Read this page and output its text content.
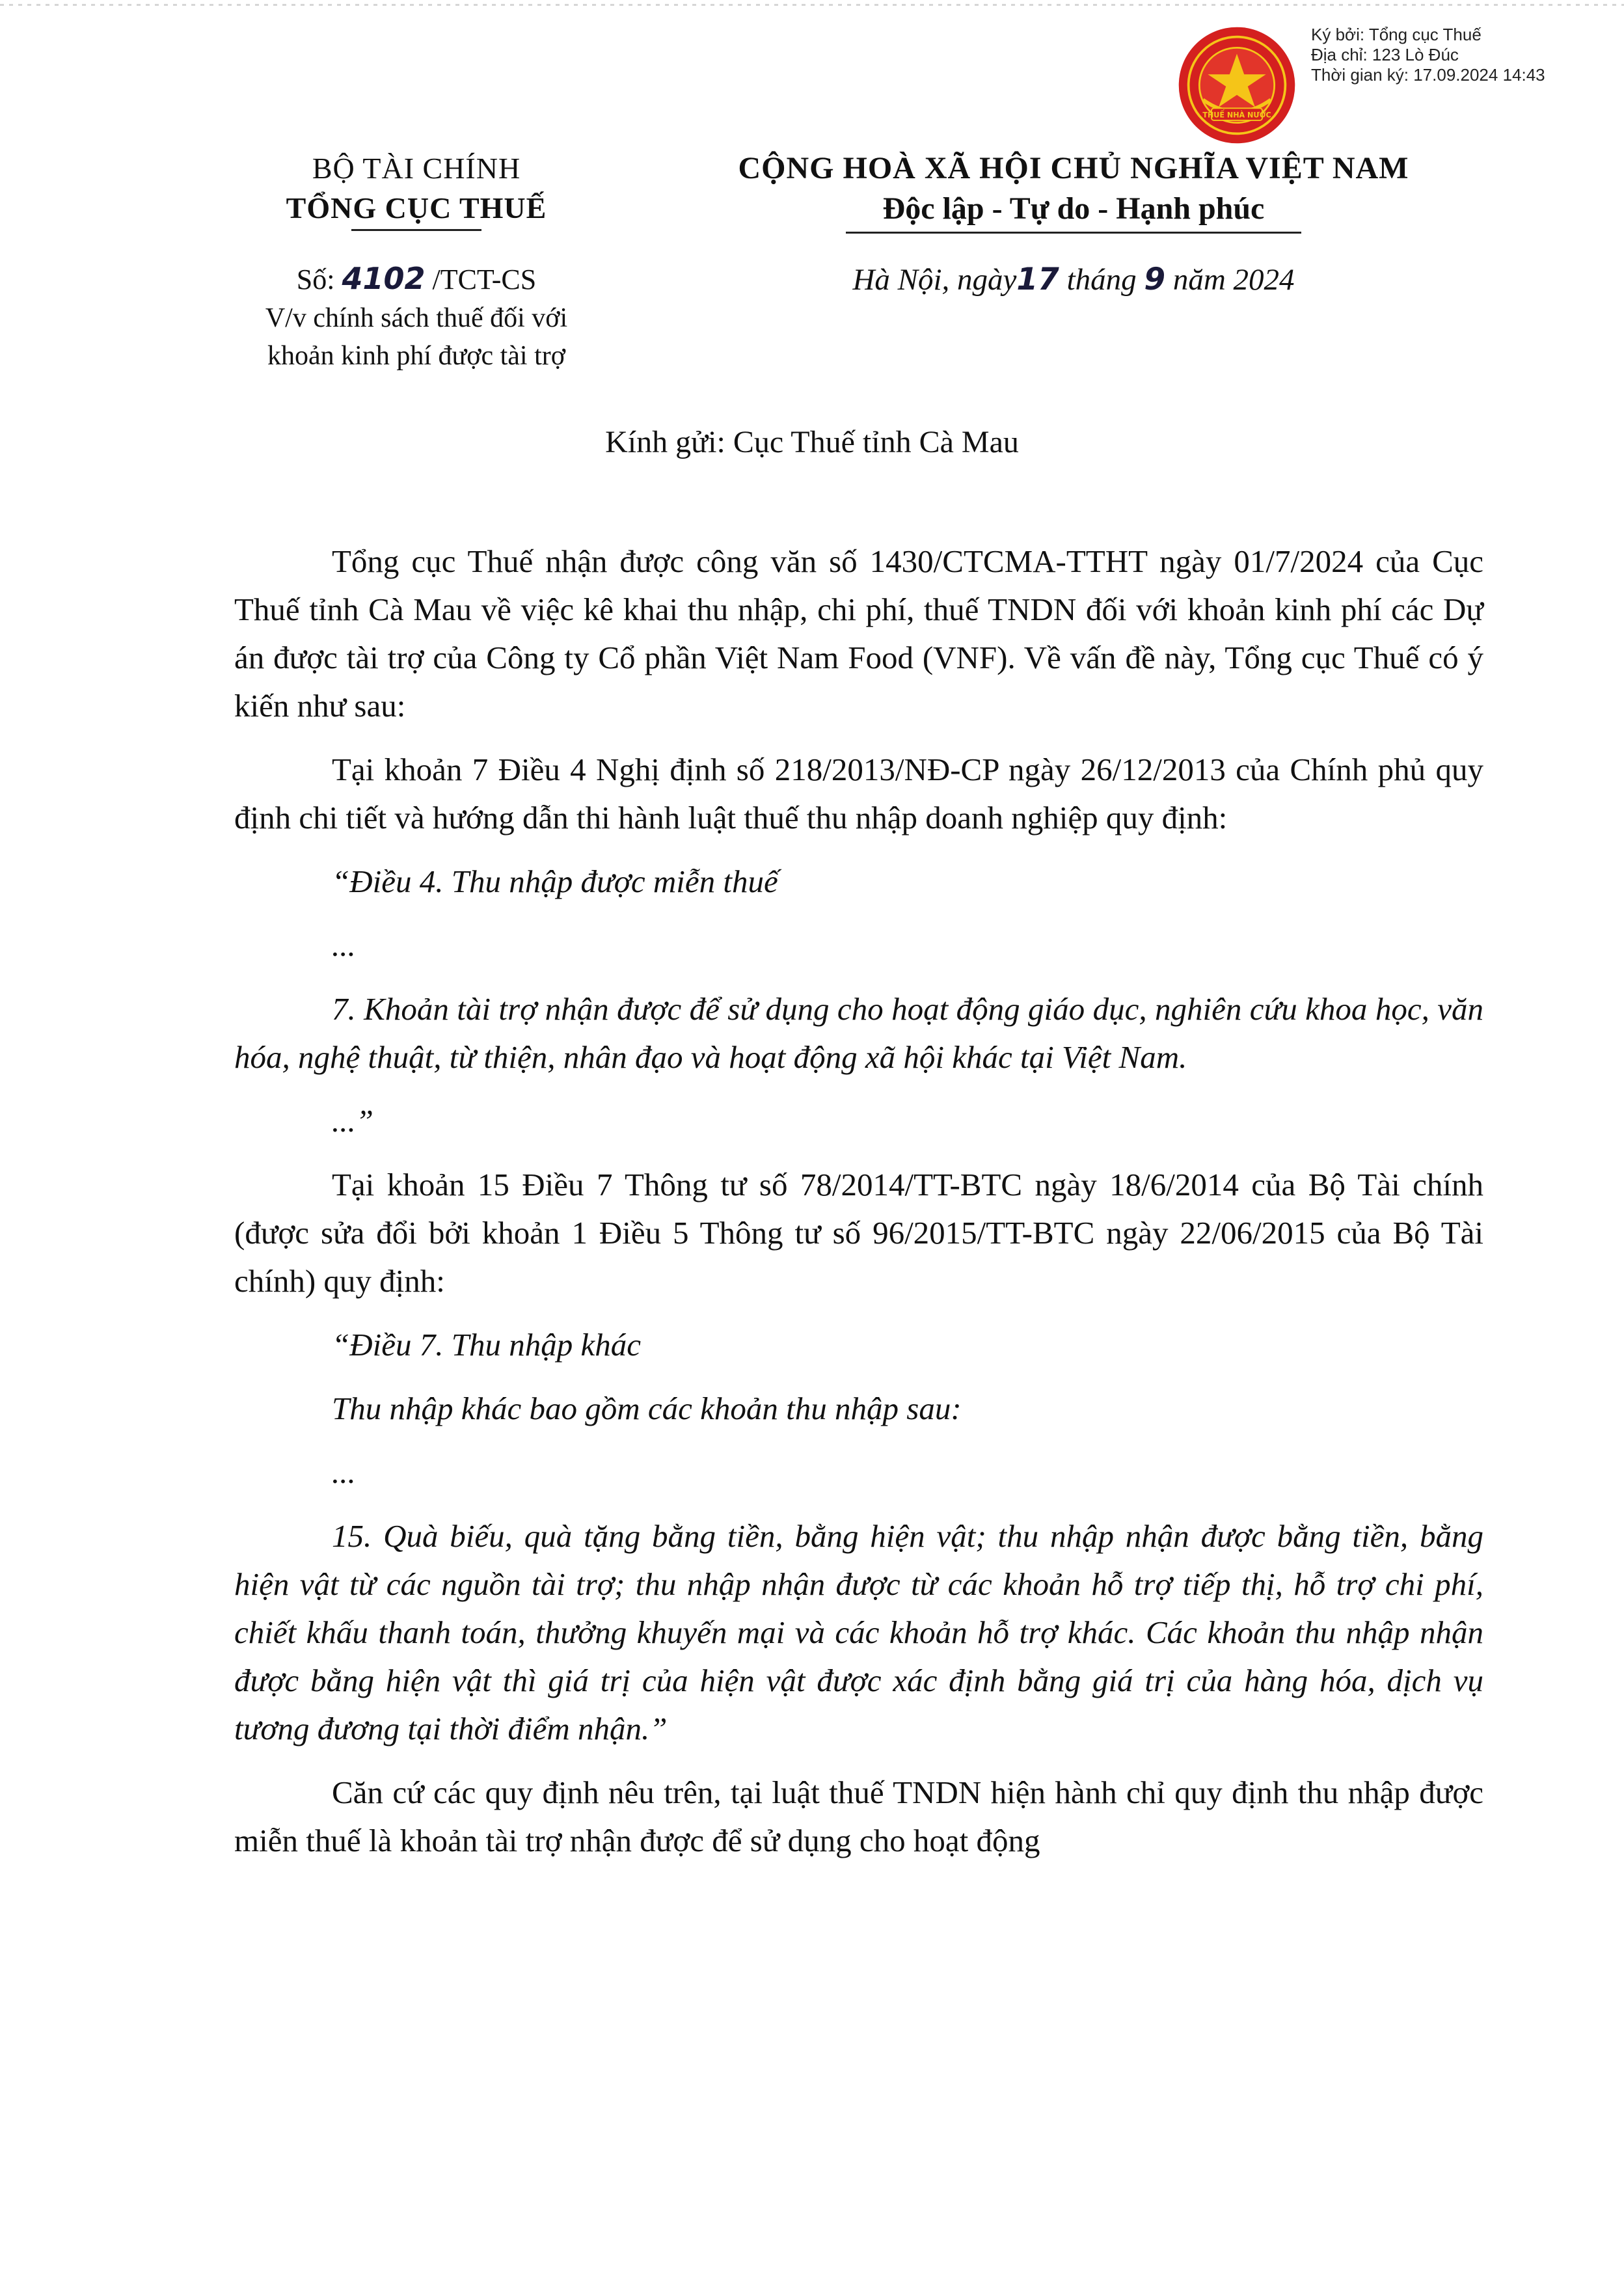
THUẾ NHÀ NƯỚC
Ký bởi: Tổng cục Thuế
Địa chỉ: 123 Lò Đúc
Thời gian ký: 17.09.2024 14:43
BỘ TÀI CHÍNH
TỔNG CỤC THUẾ
CỘNG HOÀ XÃ HỘI CHỦ NGHĨA VIỆT NAM
Độc lập - Tự do - Hạnh phúc
Số: 4102 /TCT-CS
V/v chính sách thuế đối với
khoản kinh phí được tài trợ
Hà Nội, ngày17 tháng 9 năm 2024
Kính gửi: Cục Thuế tỉnh Cà Mau

Tổng cục Thuế nhận được công văn số 1430/CTCMA-TTHT ngày 01/7/2024 của Cục Thuế tỉnh Cà Mau về việc kê khai thu nhập, chi phí, thuế TNDN đối với khoản kinh phí các Dự án được tài trợ của Công ty Cổ phần Việt Nam Food (VNF). Về vấn đề này, Tổng cục Thuế có ý kiến như sau:

Tại khoản 7 Điều 4 Nghị định số 218/2013/NĐ-CP ngày 26/12/2013 của Chính phủ quy định chi tiết và hướng dẫn thi hành luật thuế thu nhập doanh nghiệp quy định:

“Điều 4. Thu nhập được miễn thuế

...

7. Khoản tài trợ nhận được để sử dụng cho hoạt động giáo dục, nghiên cứu khoa học, văn hóa, nghệ thuật, từ thiện, nhân đạo và hoạt động xã hội khác tại Việt Nam.

...”

Tại khoản 15 Điều 7 Thông tư số 78/2014/TT-BTC ngày 18/6/2014 của Bộ Tài chính (được sửa đổi bởi khoản 1 Điều 5 Thông tư số 96/2015/TT-BTC ngày 22/06/2015 của Bộ Tài chính) quy định:

“Điều 7. Thu nhập khác

Thu nhập khác bao gồm các khoản thu nhập sau:

...

15. Quà biếu, quà tặng bằng tiền, bằng hiện vật; thu nhập nhận được bằng tiền, bằng hiện vật từ các nguồn tài trợ; thu nhập nhận được từ các khoản hỗ trợ tiếp thị, hỗ trợ chi phí, chiết khấu thanh toán, thưởng khuyến mại và các khoản hỗ trợ khác. Các khoản thu nhập nhận được bằng hiện vật thì giá trị của hiện vật được xác định bằng giá trị của hàng hóa, dịch vụ tương đương tại thời điểm nhận.”

Căn cứ các quy định nêu trên, tại luật thuế TNDN hiện hành chỉ quy định thu nhập được miễn thuế là khoản tài trợ nhận được để sử dụng cho hoạt động
